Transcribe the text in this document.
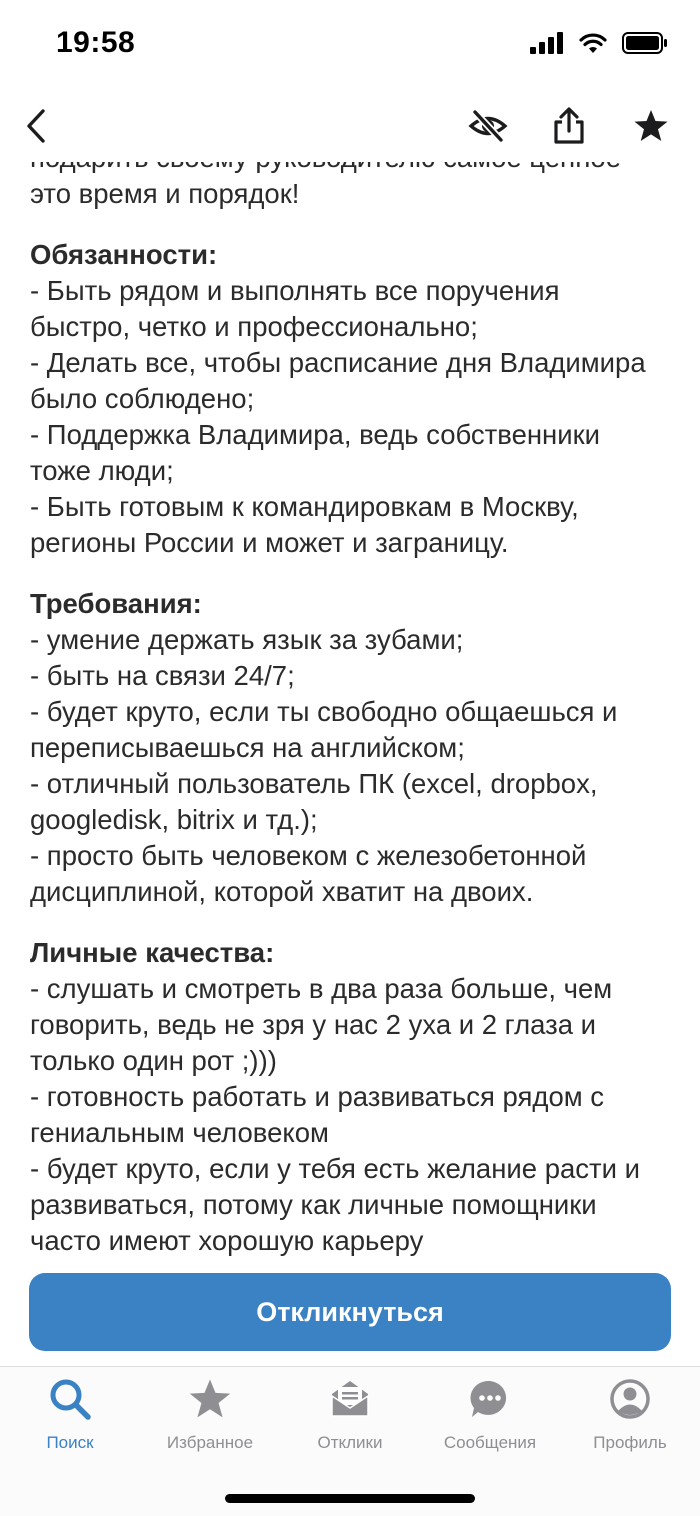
это время и порядок!

Обязанности:

- Быть рядом и выполнять все поручения

быстро, четко и профессионально;

- Делать все, чтобы расписание дня Владимира

было соблюдено;

- Поддержка Владимира, ведь собственники

тоже люди;

- Быть готовым к командировкам в Москву,

регионы России и может и заграницу.

Требования:

- умение держать язык за зубами;

- быть на связи 24/7;

- будет круто, если ты свободно общаешься и

переписываешься на английском;

- отличный пользователь ПК (excel, dropbox,

googledisk, bitrix и тд.);

- просто быть человеком с железобетонной

дисциплиной, которой хватит на двоих.

Личные качества:

- слушать и смотреть в два раза больше, чем

говорить, ведь не зря у нас 2 уха и 2 глаза и

только один рот ;)))

- готовность работать и развиваться рядом с

гениальным человеком

- будет круто, если у тебя есть желание расти и

развиваться, потому как личные помощники

часто имеют хорошую карьеру

19:58
Откликнуться
Поиск	Избранное	Отклики	Сообщения	Профиль
